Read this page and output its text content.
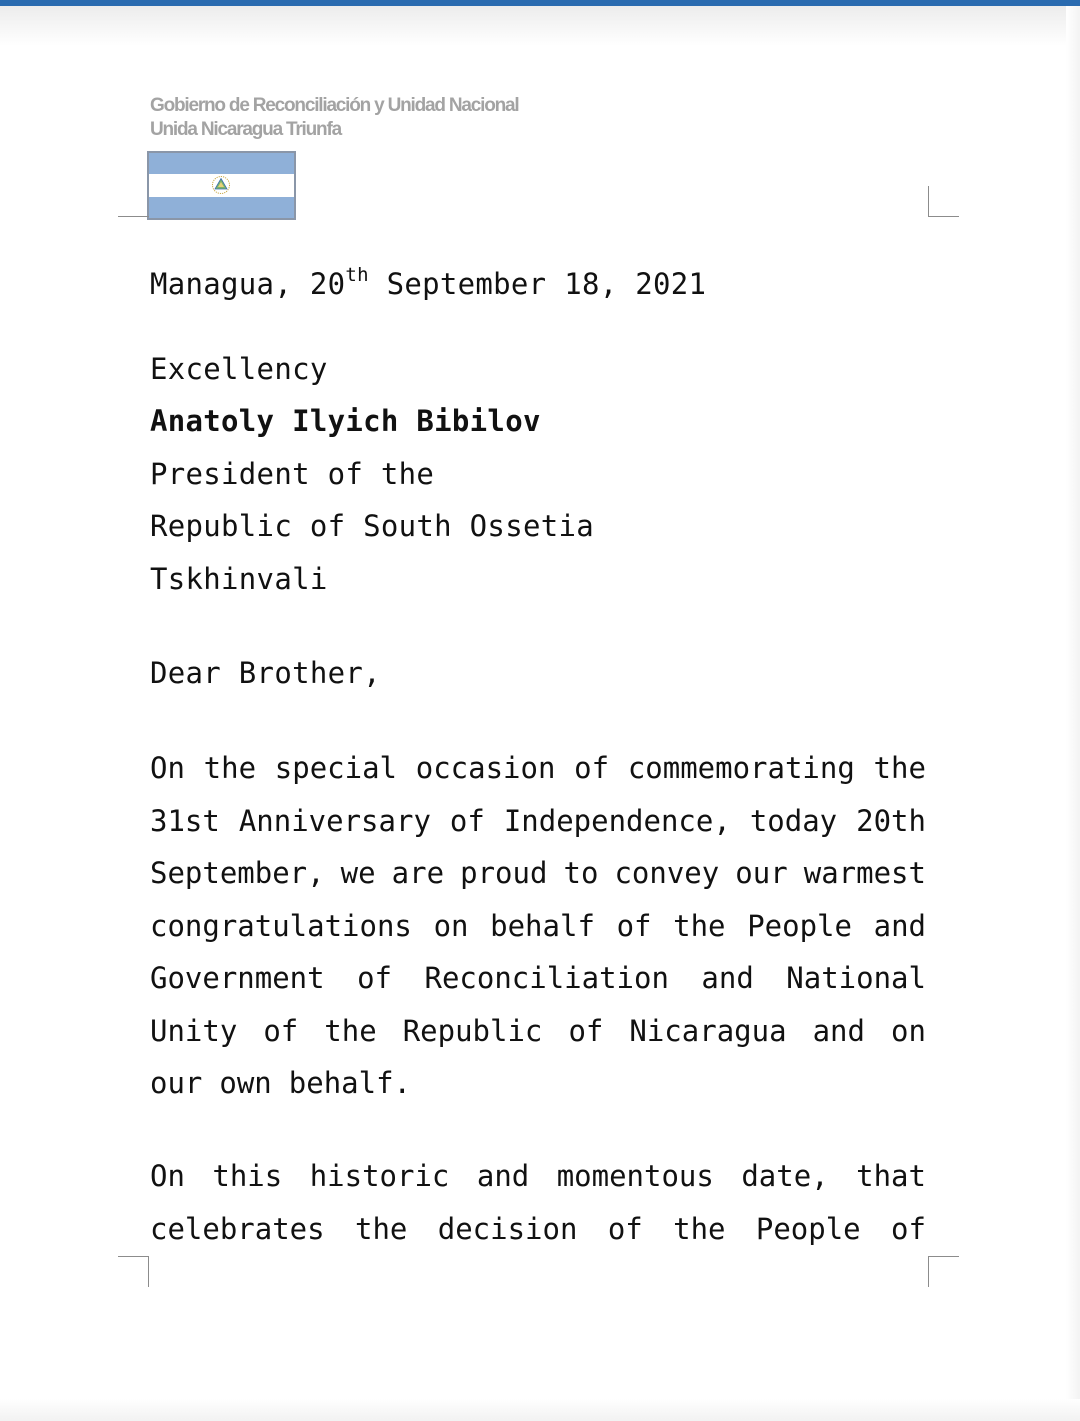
Gobierno de Reconciliación y Unidad Nacional
Unida Nicaragua Triunfa
Managua, 20th September 18, 2021
Excellency
Anatoly Ilyich Bibilov
President of the
Republic of South Ossetia
Tskhinvali
Dear Brother,
On the special occasion of commemorating the
31st Anniversary of Independence, today 20th
September, we are proud to convey our warmest
congratulations on behalf of the People and
Government of Reconciliation and National
Unity of the Republic of Nicaragua and on
our own behalf.
On this historic and momentous date, that
celebrates the decision of the People of
